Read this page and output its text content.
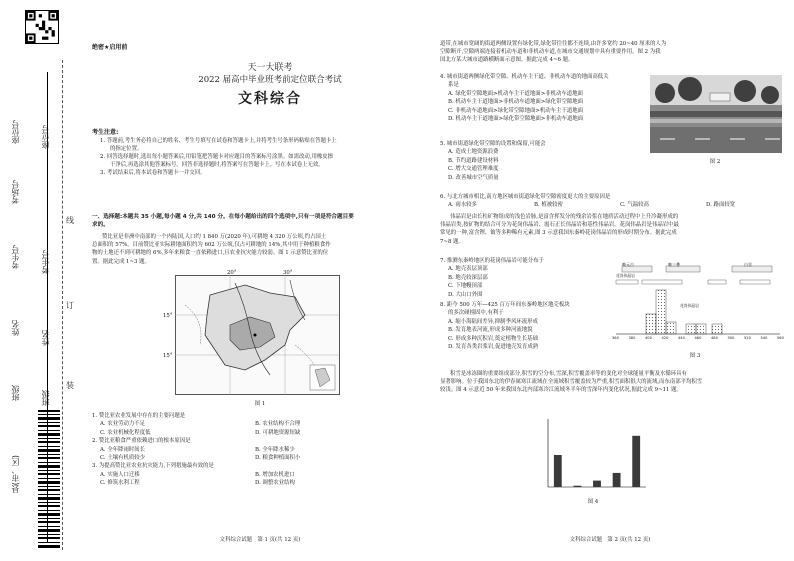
座位号
考场号
考生号
姓名
班级
县(市、区)
座位号
考生号
姓名
班级
线
订
装
绝密★启用前
天一大联考
2022 届高中毕业班考前定位联合考试
文科综合
考生注意:
1. 答题前,考生务必将自己的姓名、考生号填写在试卷和答题卡上,并将考生号条形码粘贴在答题卡上
的指定位置。
2. 回答选择题时,选出每小题答案后,用铅笔把答题卡对应题目的答案标号涂黑。如需改动,用橡皮擦
干净后,再选涂其他答案标号。回答非选择题时,将答案写在答题卡上。写在本试卷上无效。
3. 考试结束后,将本试卷和答题卡一并交回。
一、选择题:本题共 35 小题,每小题 4 分,共 140 分。在每小题给出的四个选项中,只有一项是符合题目要
求的。
赞比亚是非洲中南部的一个内陆国,人口约 1 840 万(2020 年),可耕地 4 320 万公顷,约占国土
总面积的 57%。目前赞比亚实际耕地面积约为 602 万公顷,仅占可耕地的 14%,其中用于种植粮食作
物的土地还不到可耕地的 6%,多年来粮食一直依赖进口,且农业抗灾能力较弱。图 1 示意赞比亚的位
置。据此完成 1~3 题。
20°	30°
15°
15°
图 1
1. 赞比亚农业发展中存在的主要问题是
A. 农业劳动力不足	B. 农业结构不合理
C. 农业机械化程度低	D. 可耕地资源短缺
2. 赞比亚粮食严重依赖进口的根本原因是
A. 全年降雨时间长	B. 全年降水稀少
C. 土壤有机质较少	D. 粮食种植面积小
3. 为提高赞比亚农业抗灾能力,下列措施最有效的是
A. 实施人口迁移	B. 增加农机进口
C. 修筑水利工程	D. 调整农业结构
文科综合试题　第 1 页(共 12 页)
道带,在城市宽阔的街道两侧设置有绿化带,绿化带往往都不连续,由许多宽约 20~40 厘米的人为
空隙断开,空隙两端连接着机动车道和非机动车道,在城市交通规划中具有重要作用。图 2 为我
国北方某大城市道路横断面示意图。据此完成 4~6 题。
图 2
4. 城市街道两侧绿化带空隙、机动车主干道、非机动车道的地面高低关
系是
A. 绿化带空隙地面>机动车主干道地面>非机动车道地面
B. 机动车主干道地面>非机动车道地面>绿化带空隙地面
C. 非机动车道地面>绿化带空隙地面>机动车主干道地面
D. 机动车主干道地面>绿化带空隙地面>非机动车道地面
5. 城市街道绿化带空隙的设置和保留,可能会
A. 造成土地资源浪费
B. 节约道路建设材料
C. 增大交通管理难度
D. 改善城市空气质量
6. 与北方城市相比,南方地区城市街道绿化带空隙密度更大的主要原因是
A. 雨水较多	B. 植被较密	C. 气温较高	D. 路面较宽
伟晶岩是由长柱矿物组成的浅色岩脉,是富含挥发分的残余岩浆在地质活动过程中上升冷凝形成的
伟晶岩类,按矿物的结合可分为花岗伟晶岩、霞石正长伟晶岩和基性伟晶岩。花岗伟晶岩是伟晶岩中最
常见的一种,富含锂、铍等多种稀有元素,图 3 示意我国东秦岭花岗伟晶岩的形成时期分布。据此完成
7~8 题。
7. 推测东秦岭地区的花岗伟晶岩可能分布于
A. 地壳表层顶部
B. 地壳较深层部
C. 下地幔顶部
D. 大山口外围
8. 距今 500 万年—425 百万年间东秦岭地区地壳板块
的多次碰撞固中,有利于
A. 缩小海陆间差异,抑制季风环流形成
B. 发育地表河流,形成多种河流地貌
C. 形成多种沉积岩,奠定植物生长基础
D. 发育各类岩浆岩,促进地壳发育成熟
晚元古	晚三叠	白垩
花岗伟晶岩
花岗伟晶岩
360	380	400	420	440	460	480	500	520	540	560
图 3
积雪是冰冻圈的重要组成部分,积雪的空分布,雪深,积雪覆盖率等的变化对全球能量平衡及水循环具有
显著影响。位于我国东北的伊春属寒江流域在全流域积雪覆盖较为严重,积雪面积很大的流域,而东南部平均积雪
较浅。图 4 示意近 50 年来我国东北内部寒冷江流域冬半年的雪深年内变化状况,据此完成 9~11 题。
图 4
文科综合试题　第 2 页(共 12 页)
